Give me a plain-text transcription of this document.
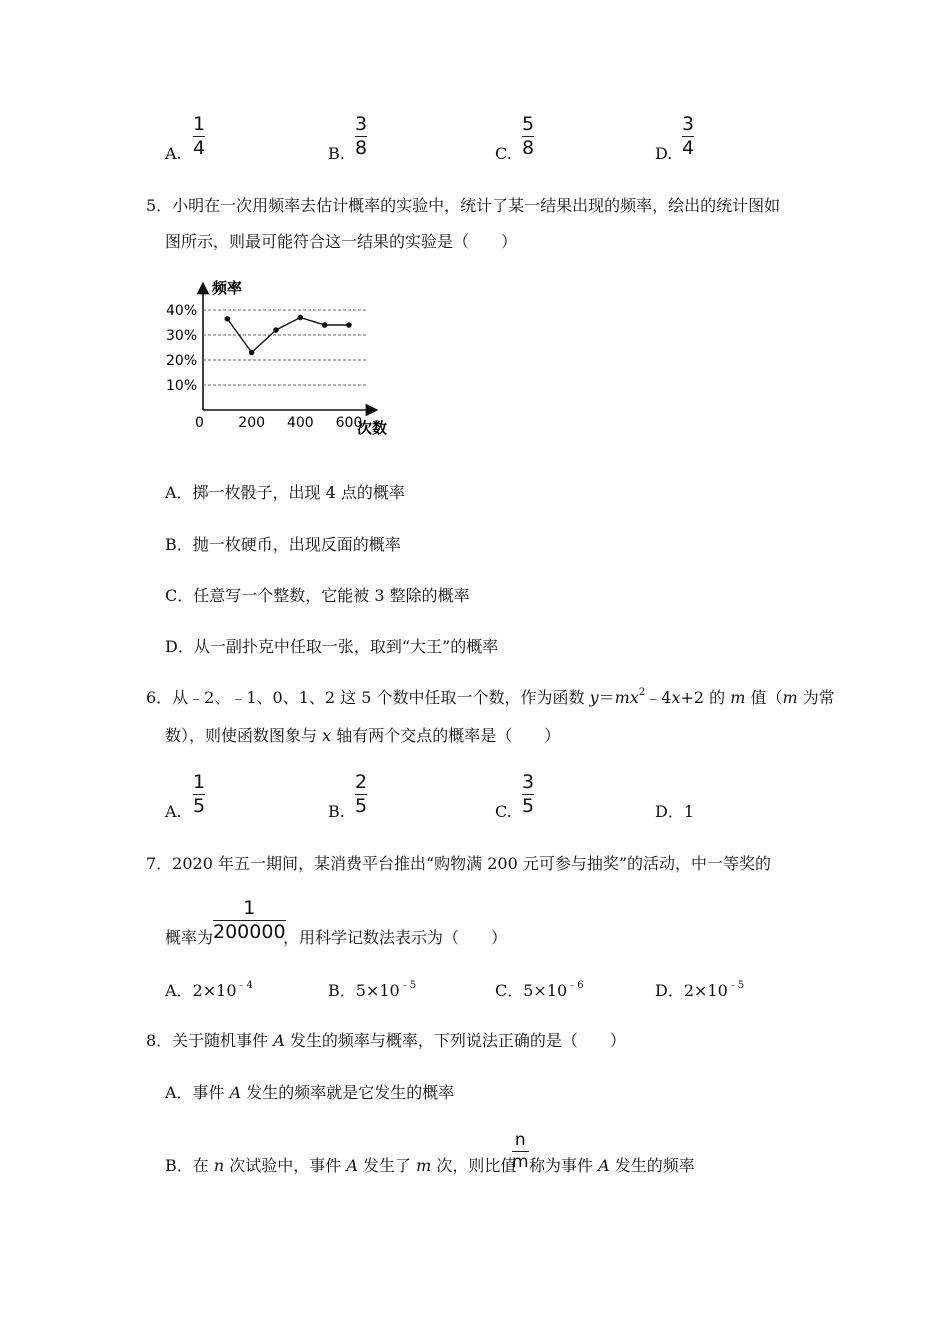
A.
1
4	B.
3
8	C.
5
8	D.
3
4
5．小明在一次用频率去估计概率的实验中，统计了某一结果出现的频率，绘出的统计图如
图所示，则最可能符合这一结果的实验是（　　）
40%
30%
20%
10%
200 400 600
0
频率
次数
A．掷一枚骰子，出现 4 点的概率
B．抛一枚硬币，出现反面的概率
C．任意写一个整数，它能被 3 整除的概率
D．从一副扑克中任取一张，取到“大王”的概率
6．从﹣2、﹣1、0、1、2 这 5 个数中任取一个数，作为函数 $y=mx^2﹣4x+2$ 的 m 值（m 为常
数），则使函数图象与 x 轴有两个交点的概率是（　　）
A.
1
5	B.
2
5	C.
3
5	D．1
7．2020 年五一期间，某消费平台推出“购物满 200 元可参与抽奖”的活动，中一等奖的
概率为
1
200000
，用科学记数法表示为（　　）
A．$2\times 10^{﹣4}$	B．$5\times 10^{﹣5}$	C．$5\times 10^{﹣6}$	D．$2\times 10^{﹣5}$
8．关于随机事件 A 发生的频率与概率，下列说法正确的是（　　）
A．事件 A 发生的频率就是它发生的概率
B．在 n 次试验中，事件 A 发生了 m 次，则比值
n
m 称为事件 A 发生的频率
